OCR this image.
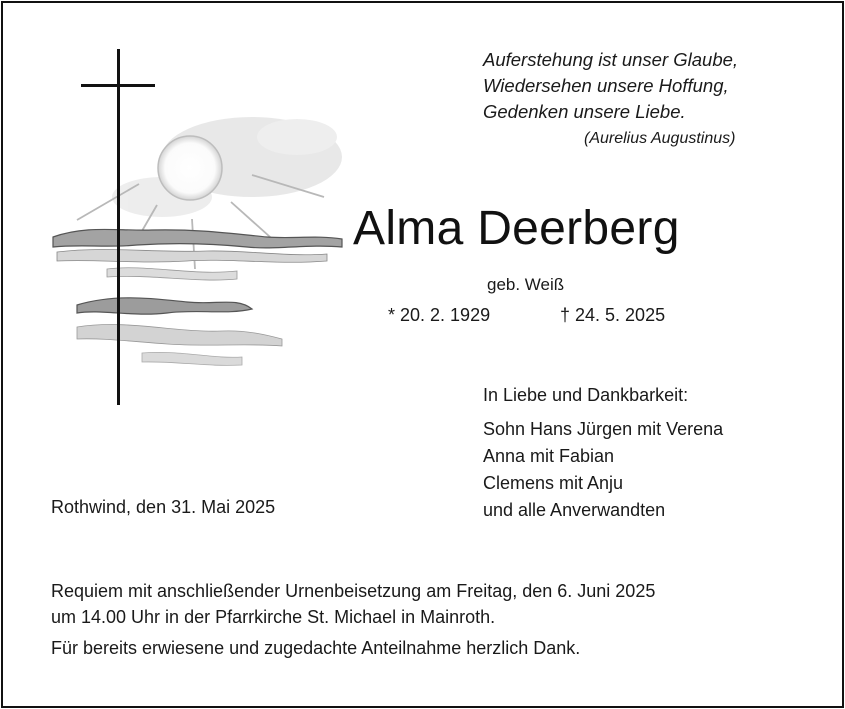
Auferstehung ist unser Glaube,
Wiedersehen unsere Hoffung,
Gedenken unsere Liebe.
(Aurelius Augustinus)
Alma Deerberg
geb. Weiß
* 20. 2. 1929	† 24. 5. 2025
In Liebe und Dankbarkeit:
Sohn Hans Jürgen mit Verena
Anna mit Fabian
Clemens mit Anju
und alle Anverwandten
Rothwind, den 31. Mai 2025
Requiem mit anschließender Urnenbeisetzung am Freitag, den 6. Juni 2025
um 14.00 Uhr in der Pfarrkirche St. Michael in Mainroth.
Für bereits erwiesene und zugedachte Anteilnahme herzlich Dank.
